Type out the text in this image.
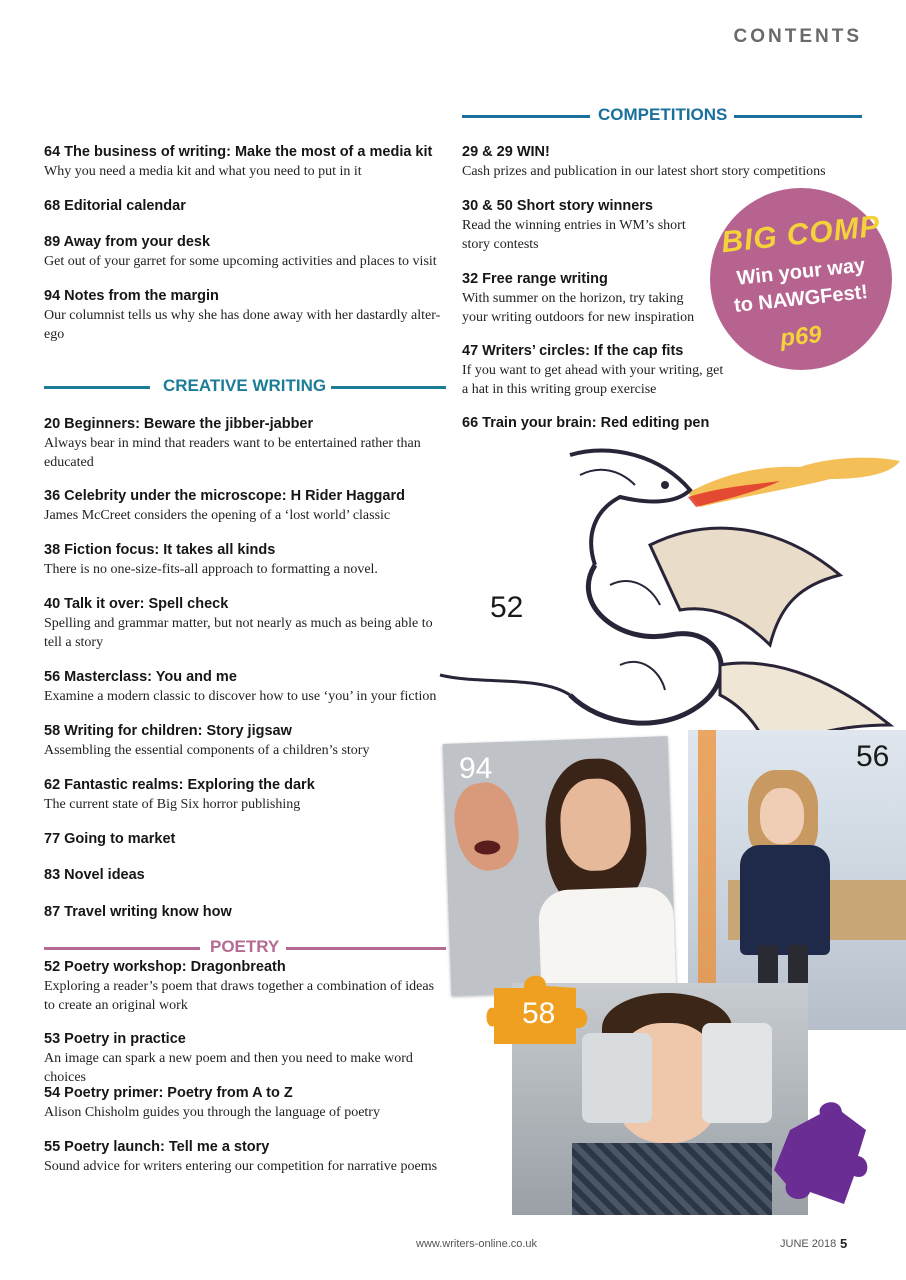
CONTENTS
COMPETITIONS
64 The business of writing: Make the most of a media kit
Why you need a media kit and what you need to put in it
68 Editorial calendar
89 Away from your desk
Get out of your garret for some upcoming activities and places to visit
94 Notes from the margin
Our columnist tells us why she has done away with her dastardly alter-ego
CREATIVE WRITING
20 Beginners: Beware the jibber-jabber
Always bear in mind that readers want to be entertained rather than educated
36 Celebrity under the microscope: H Rider Haggard
James McCreet considers the opening of a ‘lost world’ classic
38 Fiction focus: It takes all kinds
There is no one-size-fits-all approach to formatting a novel.
40 Talk it over: Spell check
Spelling and grammar matter, but not nearly as much as being able to tell a story
56 Masterclass: You and me
Examine a modern classic to discover how to use ‘you’ in your fiction
58 Writing for children: Story jigsaw
Assembling the essential components of a children’s story
62 Fantastic realms: Exploring the dark
The current state of Big Six horror publishing
77 Going to market
83 Novel ideas
87 Travel writing know how
POETRY
52 Poetry workshop: Dragonbreath
Exploring a reader’s poem that draws together a combination of ideas to create an original work
53 Poetry in practice
An image can spark a new poem and then you need to make word choices
54 Poetry primer: Poetry from A to Z
Alison Chisholm guides you through the language of poetry
55 Poetry launch: Tell me a story
Sound advice for writers entering our competition for narrative poems
29 & 29 WIN!
Cash prizes and publication in our latest short story competitions
30 & 50 Short story winners
Read the winning entries in WM’s short story contests
32 Free range writing
With summer on the horizon, try taking your writing outdoors for new inspiration
47 Writers’ circles: If the cap fits
If you want to get ahead with your writing, get a hat in this writing group exercise
66 Train your brain: Red editing pen
BIG COMP
Win your way
to NAWGFest!
p69
52
56
94
58
www.writers-online.co.uk	JUNE 2018 5
